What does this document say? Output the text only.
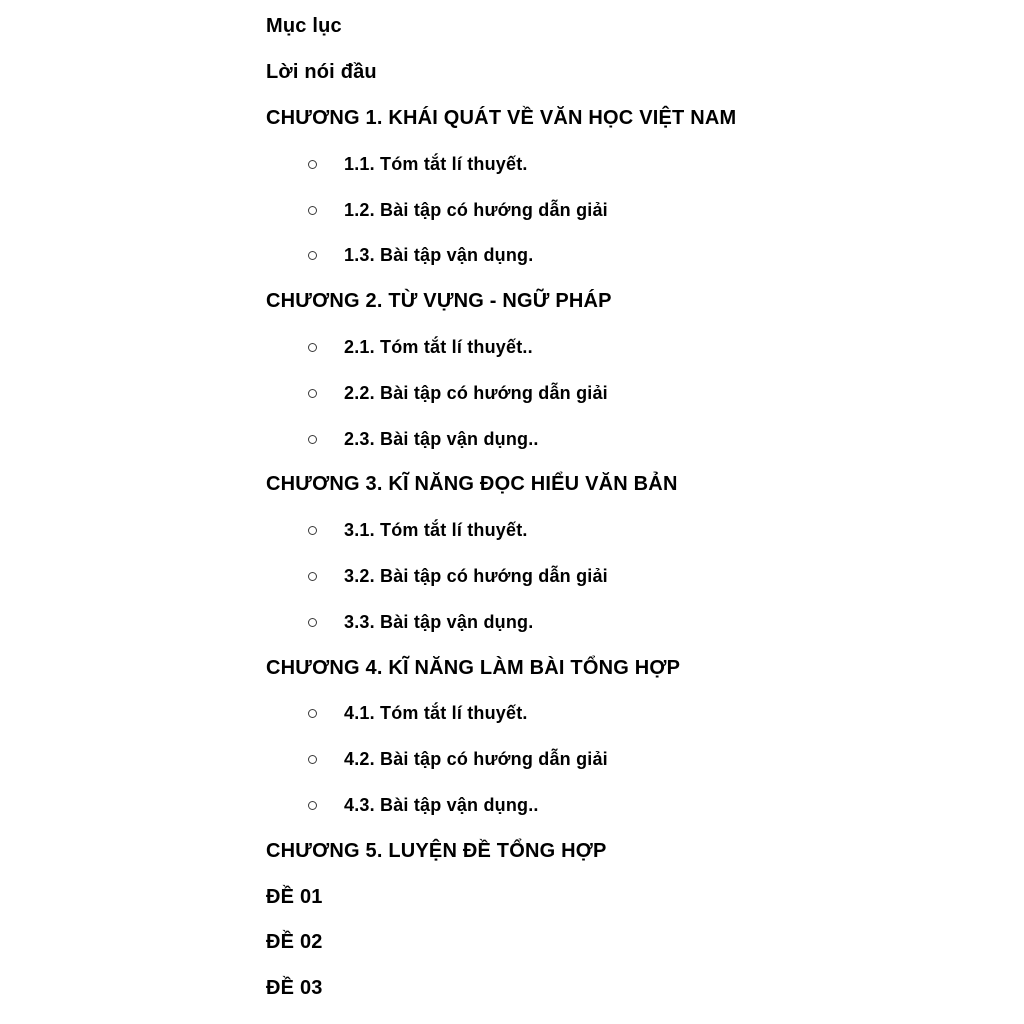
Mục lục
Lời nói đầu
CHƯƠNG 1. KHÁI QUÁT VỀ VĂN HỌC VIỆT NAM
1.1. Tóm tắt lí thuyết.
1.2. Bài tập có hướng dẫn giải
1.3. Bài tập vận dụng.
CHƯƠNG 2. TỪ VỰNG - NGỮ PHÁP
2.1. Tóm tắt lí thuyết..
2.2. Bài tập có hướng dẫn giải
2.3. Bài tập vận dụng..
CHƯƠNG 3. KĨ NĂNG ĐỌC HIỂU VĂN BẢN
3.1. Tóm tắt lí thuyết.
3.2. Bài tập có hướng dẫn giải
3.3. Bài tập vận dụng.
CHƯƠNG 4. KĨ NĂNG LÀM BÀI TỔNG HỢP
4.1. Tóm tắt lí thuyết.
4.2. Bài tập có hướng dẫn giải
4.3. Bài tập vận dụng..
CHƯƠNG 5. LUYỆN ĐỀ TỔNG HỢP
ĐỀ 01
ĐỀ 02
ĐỀ 03
